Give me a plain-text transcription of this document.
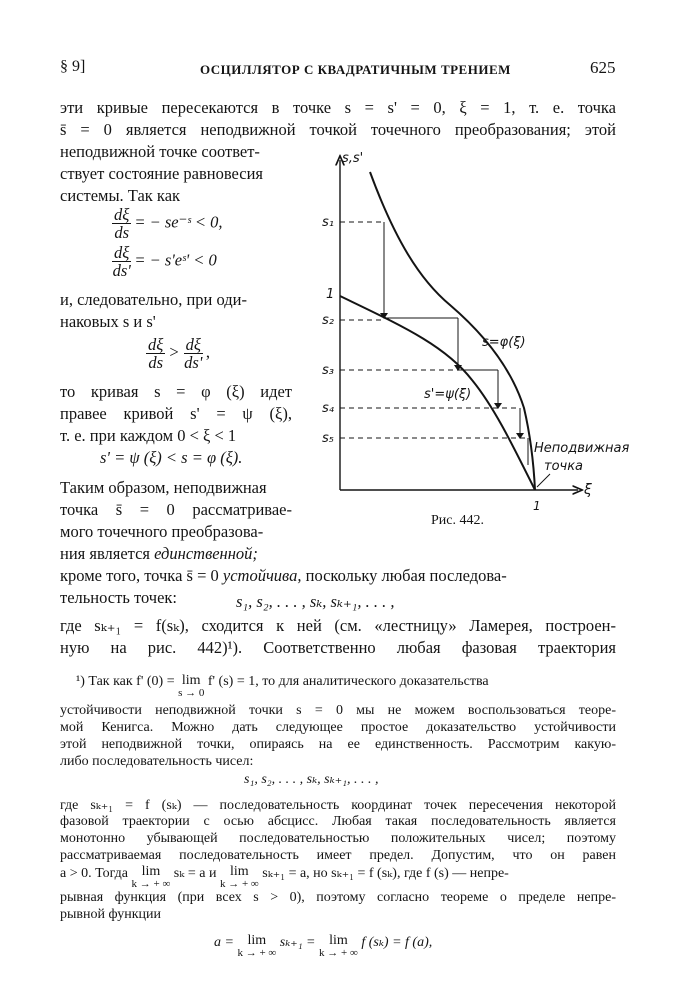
§ 9]	ОСЦИЛЛЯТОР С КВАДРАТИЧНЫМ ТРЕНИЕМ	625
эти кривые пересекаются в точке s = s' = 0, ξ = 1, т. е. точка
s̄ = 0 является неподвижной точкой точечного преобразования; этой
неподвижной точке соответ-
ствует состояние равновесия
системы. Так как
$\frac{d\xi}{ds}$ = − se⁻ˢ < 0,
$\frac{d\xi}{ds'}$ = − s'eˢ' < 0
и, следовательно, при оди-
наковых s и s'
$\frac{d\xi}{ds} > \frac{d\xi}{ds'}$ ,
то кривая s = φ (ξ) идет
правее кривой s' = ψ (ξ),
т. е. при каждом 0 < ξ < 1
s' = ψ (ξ) < s = φ (ξ).
Таким образом, неподвижная
точка s̄ = 0 рассматривае-
мого точечного преобразова-
ния является единственной;
кроме того, точка s̄ = 0 устойчива, поскольку любая последова-
тельность точек:	s₁, s₂, . . . , sₖ, sₖ₊₁, . . . ,
где sₖ₊₁ = f(sₖ), сходится к ней (см. «лестницу» Ламерея, построен-
ную на рис. 442)¹). Соответственно любая фазовая траектория
¹) Так как f' (0) = lim
s → 0
f' (s) = 1, то для аналитического доказательства
устойчивости неподвижной точки s = 0 мы не можем воспользоваться теоре-
мой Кенигса. Можно дать следующее простое доказательство устойчивости
этой неподвижной точки, опираясь на ее единственность. Рассмотрим какую-
либо последовательность чисел:
s₁, s₂, . . . , sₖ, sₖ₊₁, . . . ,
где sₖ₊₁ = f (sₖ) — последовательность координат точек пересечения некоторой
фазовой траектории с осью абсцисс. Любая такая последовательность является
монотонно убывающей последовательностью положительных чисел; поэтому
рассматриваемая последовательность имеет предел. Допустим, что он равен
a > 0. Тогда lim
k → + ∞
sₖ = a и lim
k → + ∞
sₖ₊₁ = a, но sₖ₊₁ = f (sₖ), где f (s) — непре-
рывная функция (при всех s > 0), поэтому согласно теореме о пределе непре-
рывной функции
a = lim
k → + ∞
sₖ₊₁ = lim
k → + ∞
f (sₖ) = f (a),
s,s'
ξ
s₁
1
s₂
s₃
s₄
s₅
1
s=φ(ξ)
s'=ψ(ξ)
Неподвижная
точка
Рис. 442.
